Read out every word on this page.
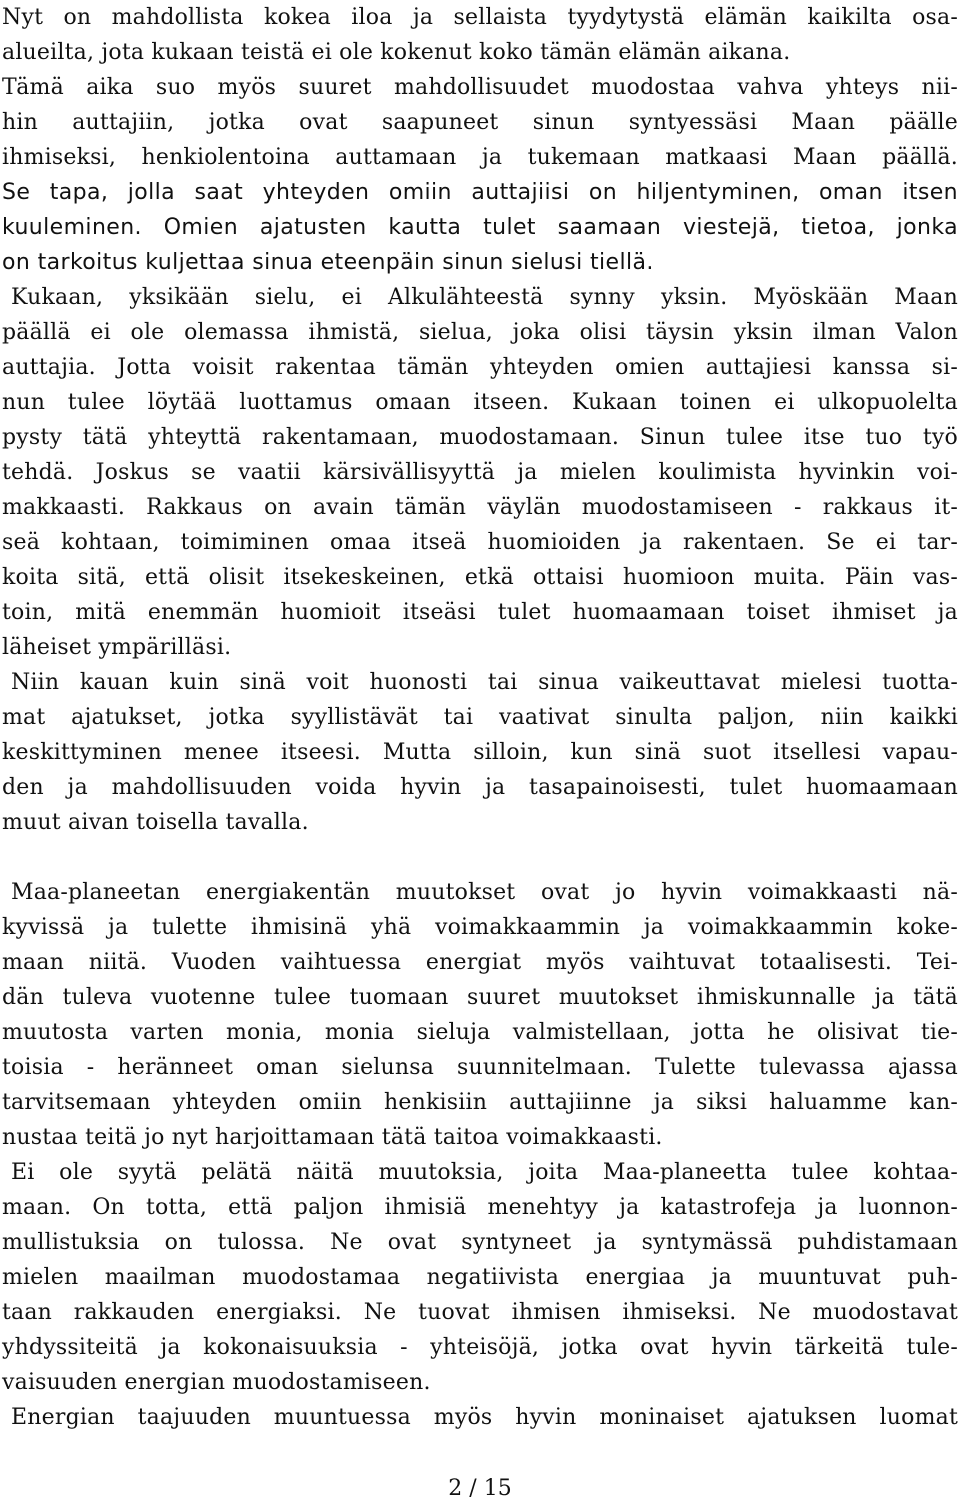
Nyt on mahdollista kokea iloa ja sellaista tyydytystä elämän kaikilta osa-
alueilta, jota kukaan teistä ei ole kokenut koko tämän elämän aikana.
Tämä aika suo myös suuret mahdollisuudet muodostaa vahva yhteys nii-
hin auttajiin, jotka ovat saapuneet sinun syntyessäsi Maan päälle
ihmiseksi, henkiolentoina auttamaan ja tukemaan matkaasi Maan päällä.
Se tapa, jolla saat yhteyden omiin auttajiisi on hiljentyminen, oman itsen
kuuleminen. Omien ajatusten kautta tulet saamaan viestejä, tietoa, jonka
on tarkoitus kuljettaa sinua eteenpäin sinun sielusi tiellä.
Kukaan, yksikään sielu, ei Alkulähteestä synny yksin. Myöskään Maan
päällä ei ole olemassa ihmistä, sielua, joka olisi täysin yksin ilman Valon
auttajia. Jotta voisit rakentaa tämän yhteyden omien auttajiesi kanssa si-
nun tulee löytää luottamus omaan itseen. Kukaan toinen ei ulkopuolelta
pysty tätä yhteyttä rakentamaan, muodostamaan. Sinun tulee itse tuo työ
tehdä. Joskus se vaatii kärsivällisyyttä ja mielen koulimista hyvinkin voi-
makkaasti. Rakkaus on avain tämän väylän muodostamiseen - rakkaus it-
seä kohtaan, toimiminen omaa itseä huomioiden ja rakentaen. Se ei tar-
koita sitä, että olisit itsekeskeinen, etkä ottaisi huomioon muita. Päin vas-
toin, mitä enemmän huomioit itseäsi tulet huomaamaan toiset ihmiset ja
läheiset ympärilläsi.
Niin kauan kuin sinä voit huonosti tai sinua vaikeuttavat mielesi tuotta-
mat ajatukset, jotka syyllistävät tai vaativat sinulta paljon, niin kaikki
keskittyminen menee itseesi. Mutta silloin, kun sinä suot itsellesi vapau-
den ja mahdollisuuden voida hyvin ja tasapainoisesti, tulet huomaamaan
muut aivan toisella tavalla.
Maa-planeetan energiakentän muutokset ovat jo hyvin voimakkaasti nä-
kyvissä ja tulette ihmisinä yhä voimakkaammin ja voimakkaammin koke-
maan niitä. Vuoden vaihtuessa energiat myös vaihtuvat totaalisesti. Tei-
dän tuleva vuotenne tulee tuomaan suuret muutokset ihmiskunnalle ja tätä
muutosta varten monia, monia sieluja valmistellaan, jotta he olisivat tie-
toisia - heränneet oman sielunsa suunnitelmaan. Tulette tulevassa ajassa
tarvitsemaan yhteyden omiin henkisiin auttajiinne ja siksi haluamme kan-
nustaa teitä jo nyt harjoittamaan tätä taitoa voimakkaasti.
Ei ole syytä pelätä näitä muutoksia, joita Maa-planeetta tulee kohtaa-
maan. On totta, että paljon ihmisiä menehtyy ja katastrofeja ja luonnon-
mullistuksia on tulossa. Ne ovat syntyneet ja syntymässä puhdistamaan
mielen maailman muodostamaa negatiivista energiaa ja muuntuvat puh-
taan rakkauden energiaksi. Ne tuovat ihmisen ihmiseksi. Ne muodostavat
yhdyssiteitä ja kokonaisuuksia - yhteisöjä, jotka ovat hyvin tärkeitä tule-
vaisuuden energian muodostamiseen.
Energian taajuuden muuntuessa myös hyvin moninaiset ajatuksen luomat
2 / 15
